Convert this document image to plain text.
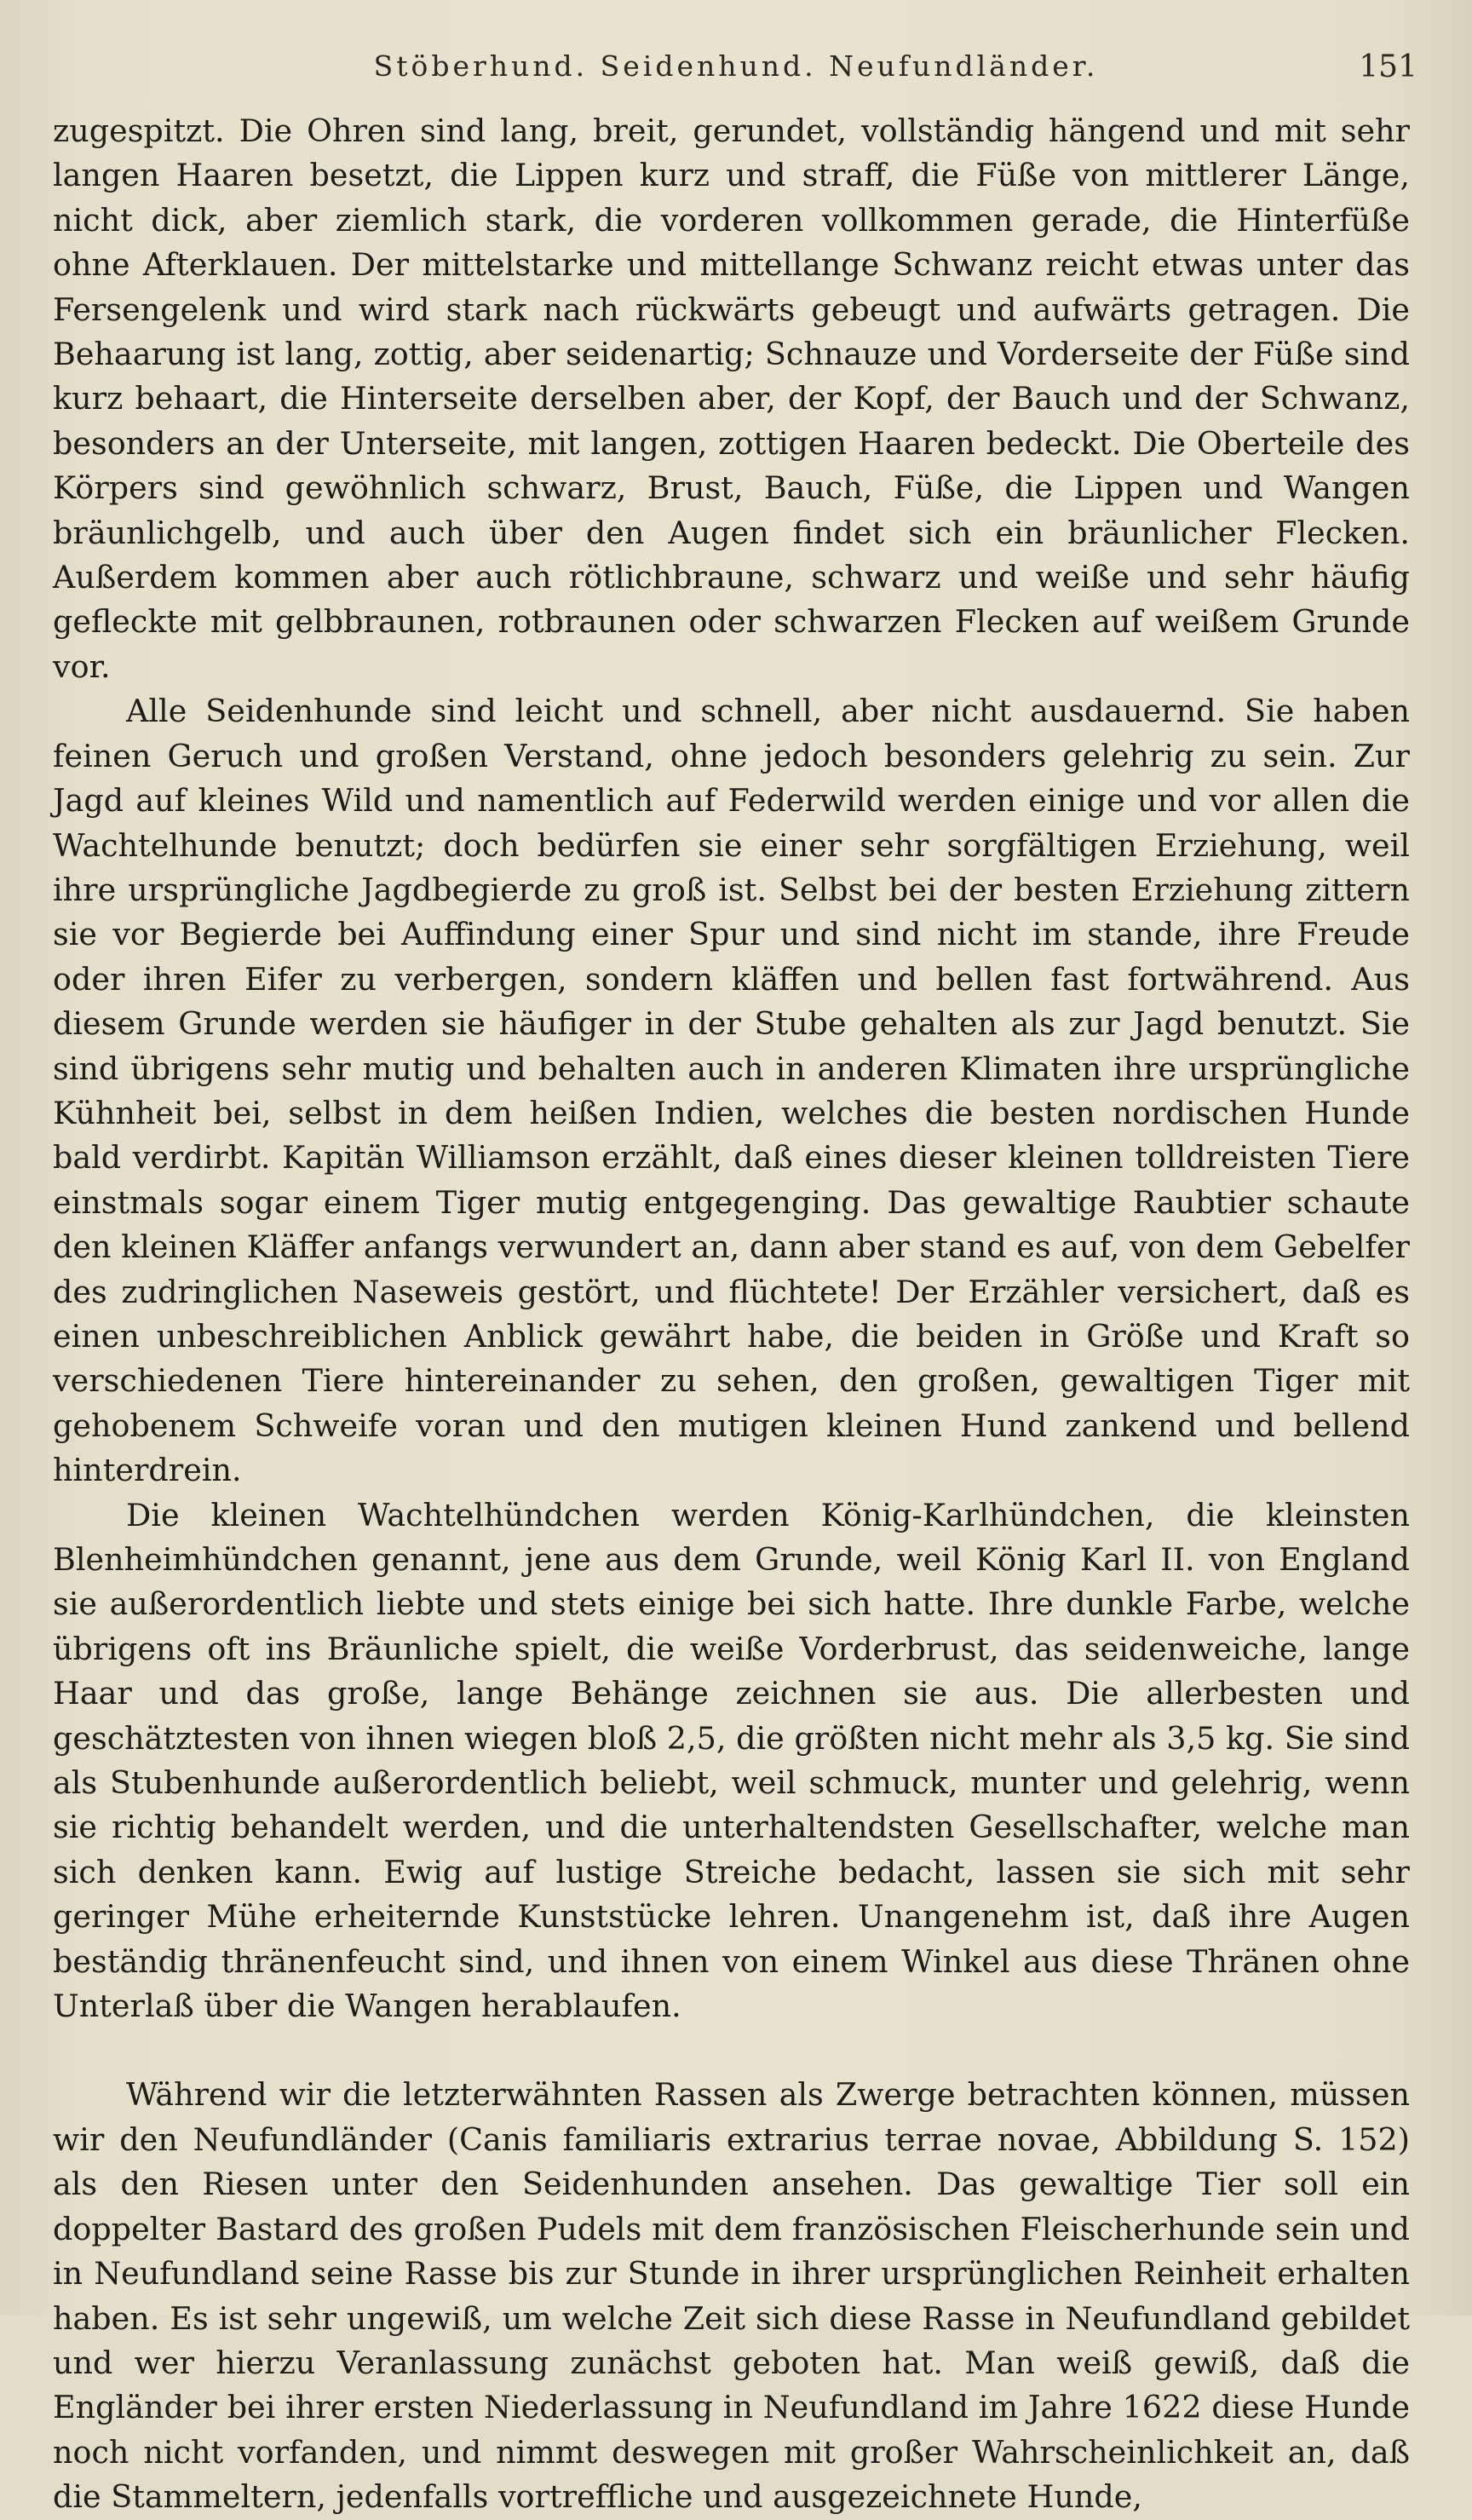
Stöberhund. Seidenhund. Neufundländer.	151

zugespitzt. Die Ohren sind lang, breit, gerundet, vollständig hängend und mit sehr langen Haaren besetzt, die Lippen kurz und straff, die Füße von mittlerer Länge, nicht dick, aber ziemlich stark, die vorderen vollkommen gerade, die Hinterfüße ohne Afterklauen. Der mittelstarke und mittellange Schwanz reicht etwas unter das Fersengelenk und wird stark nach rückwärts gebeugt und aufwärts getragen. Die Behaarung ist lang, zottig, aber seidenartig; Schnauze und Vorderseite der Füße sind kurz behaart, die Hinterseite derselben aber, der Kopf, der Bauch und der Schwanz, besonders an der Unterseite, mit langen, zottigen Haaren bedeckt. Die Oberteile des Körpers sind gewöhnlich schwarz, Brust, Bauch, Füße, die Lippen und Wangen bräunlichgelb, und auch über den Augen findet sich ein bräunlicher Flecken. Außerdem kommen aber auch rötlichbraune, schwarz und weiße und sehr häufig gefleckte mit gelbbraunen, rotbraunen oder schwarzen Flecken auf weißem Grunde vor.

Alle Seidenhunde sind leicht und schnell, aber nicht ausdauernd. Sie haben feinen Geruch und großen Verstand, ohne jedoch besonders gelehrig zu sein. Zur Jagd auf kleines Wild und namentlich auf Federwild werden einige und vor allen die Wachtelhunde benutzt; doch bedürfen sie einer sehr sorgfältigen Erziehung, weil ihre ursprüngliche Jagdbegierde zu groß ist. Selbst bei der besten Erziehung zittern sie vor Begierde bei Auffindung einer Spur und sind nicht im stande, ihre Freude oder ihren Eifer zu verbergen, sondern kläffen und bellen fast fortwährend. Aus diesem Grunde werden sie häufiger in der Stube gehalten als zur Jagd benutzt. Sie sind übrigens sehr mutig und behalten auch in anderen Klimaten ihre ursprüngliche Kühnheit bei, selbst in dem heißen Indien, welches die besten nordischen Hunde bald verdirbt. Kapitän Williamson erzählt, daß eines dieser kleinen tolldreisten Tiere einstmals sogar einem Tiger mutig entgegenging. Das gewaltige Raubtier schaute den kleinen Kläffer anfangs verwundert an, dann aber stand es auf, von dem Gebelfer des zudringlichen Naseweis gestört, und flüchtete! Der Erzähler versichert, daß es einen unbeschreiblichen Anblick gewährt habe, die beiden in Größe und Kraft so verschiedenen Tiere hintereinander zu sehen, den großen, gewaltigen Tiger mit gehobenem Schweife voran und den mutigen kleinen Hund zankend und bellend hinterdrein.

Die kleinen Wachtelhündchen werden König-Karlhündchen, die kleinsten Blenheimhündchen genannt, jene aus dem Grunde, weil König Karl II. von England sie außerordentlich liebte und stets einige bei sich hatte. Ihre dunkle Farbe, welche übrigens oft ins Bräunliche spielt, die weiße Vorderbrust, das seidenweiche, lange Haar und das große, lange Behänge zeichnen sie aus. Die allerbesten und geschätztesten von ihnen wiegen bloß 2,5, die größten nicht mehr als 3,5 kg. Sie sind als Stubenhunde außerordentlich beliebt, weil schmuck, munter und gelehrig, wenn sie richtig behandelt werden, und die unterhaltendsten Gesellschafter, welche man sich denken kann. Ewig auf lustige Streiche bedacht, lassen sie sich mit sehr geringer Mühe erheiternde Kunststücke lehren. Unangenehm ist, daß ihre Augen beständig thränenfeucht sind, und ihnen von einem Winkel aus diese Thränen ohne Unterlaß über die Wangen herablaufen.

Während wir die letzterwähnten Rassen als Zwerge betrachten können, müssen wir den Neufundländer (Canis familiaris extrarius terrae novae, Abbildung S. 152) als den Riesen unter den Seidenhunden ansehen. Das gewaltige Tier soll ein doppelter Bastard des großen Pudels mit dem französischen Fleischerhunde sein und in Neufundland seine Rasse bis zur Stunde in ihrer ursprünglichen Reinheit erhalten haben. Es ist sehr ungewiß, um welche Zeit sich diese Rasse in Neufundland gebildet und wer hierzu Veranlassung zunächst geboten hat. Man weiß gewiß, daß die Engländer bei ihrer ersten Niederlassung in Neufundland im Jahre 1622 diese Hunde noch nicht vorfanden, und nimmt deswegen mit großer Wahrscheinlichkeit an, daß die Stammeltern, jedenfalls vortreffliche und ausgezeichnete Hunde,
